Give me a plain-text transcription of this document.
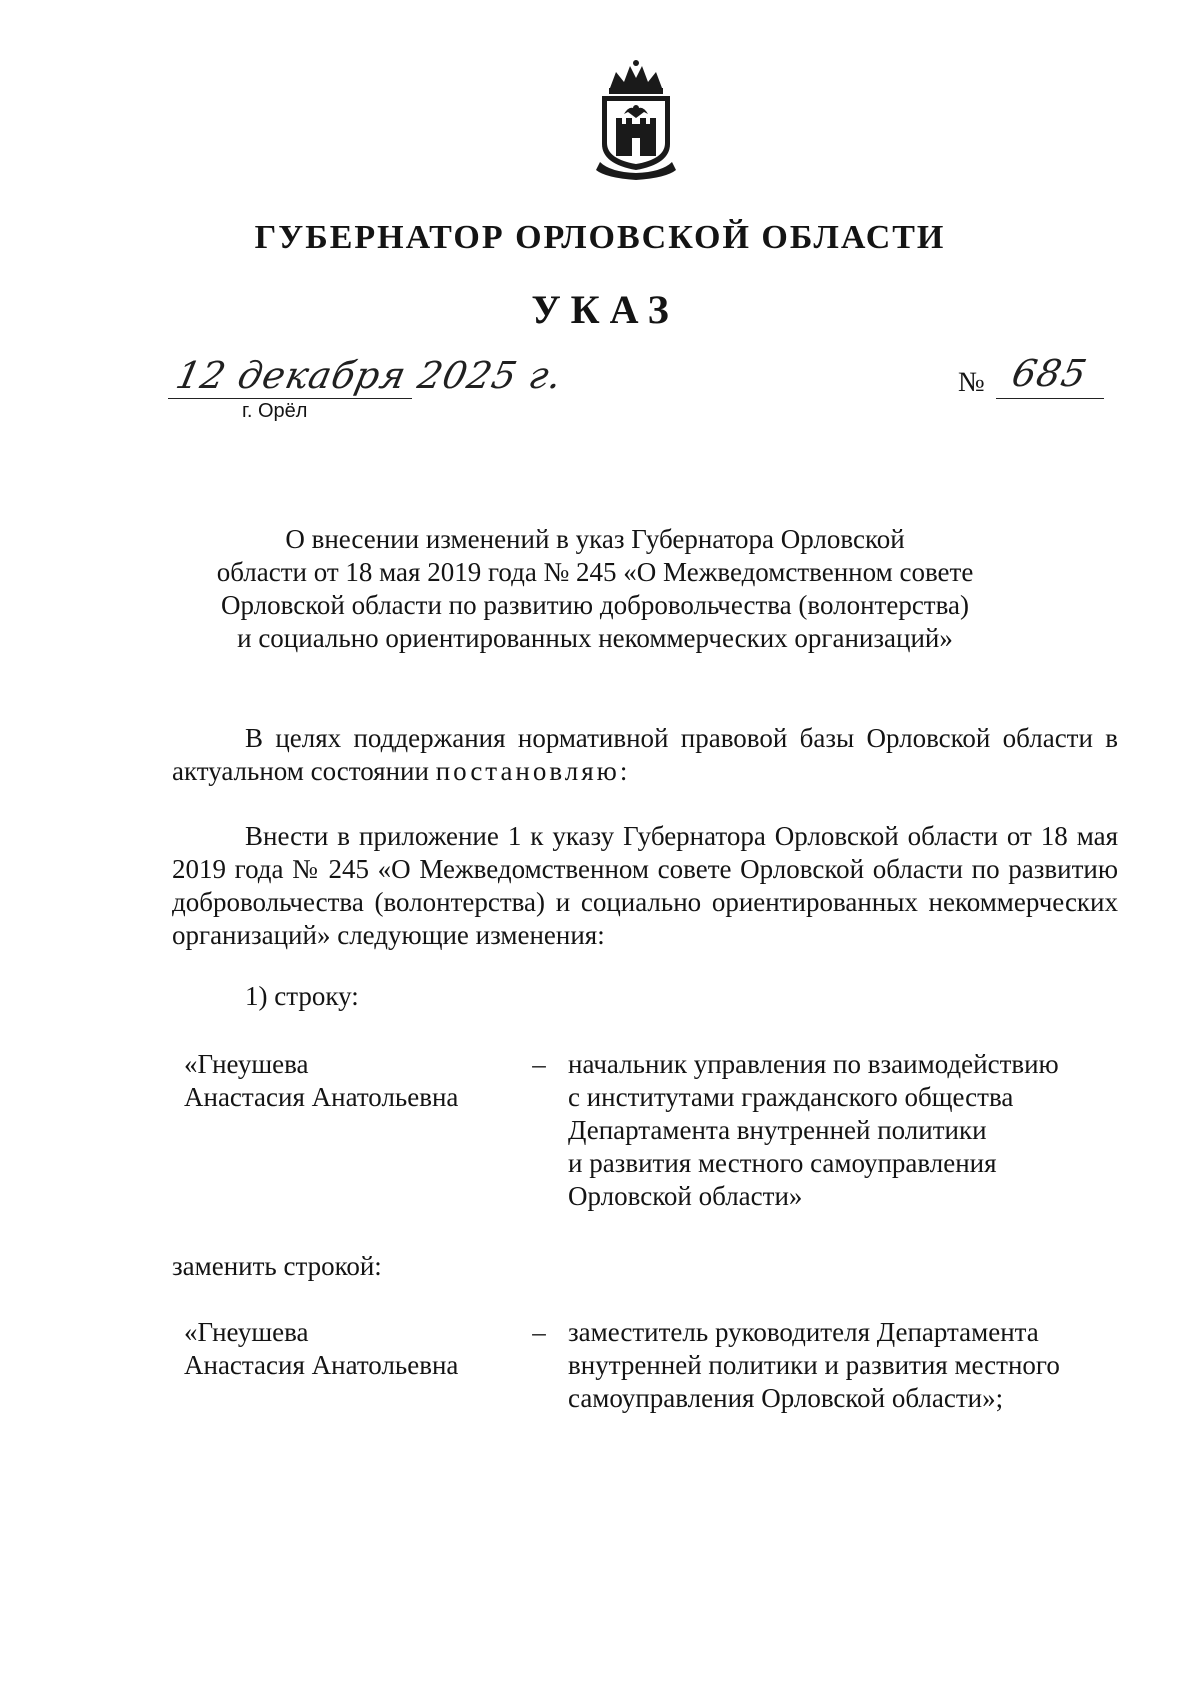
ГУБЕРНАТОР ОРЛОВСКОЙ ОБЛАСТИ
УКАЗ
12 декабря 2025 г.
г. Орёл
№ 685
О внесении изменений в указ Губернатора Орловской
области от 18 мая 2019 года № 245 «О Межведомственном совете
Орловской области по развитию добровольчества (волонтерства)
и социально ориентированных некоммерческих организаций»
В целях поддержания нормативной правовой базы Орловской области в актуальном состоянии постановляю:
Внести в приложение 1 к указу Губернатора Орловской области от 18 мая 2019 года № 245 «О Межведомственном совете Орловской области по развитию добровольчества (волонтерства) и социально ориентированных некоммерческих организаций» следующие изменения:
1) строку:
«Гнеушева
Анастасия Анатольевна
– начальник управления по взаимодействию
с институтами гражданского общества
Департамента внутренней политики
и развития местного самоуправления
Орловской области»
заменить строкой:
«Гнеушева
Анастасия Анатольевна
– заместитель руководителя Департамента
внутренней политики и развития местного
самоуправления Орловской области»;
